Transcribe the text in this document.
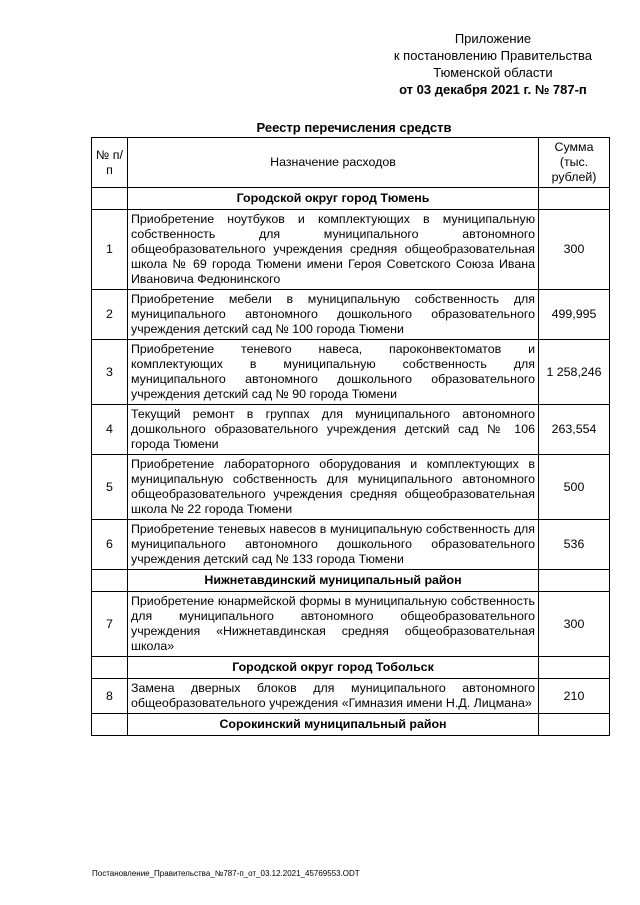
Приложение
к постановлению Правительства
Тюменской области
от 03 декабря 2021 г. № 787-п
Реестр перечисления средств
№ п/п	Назначение расходов	Сумма (тыс. рублей)
	Городской округ город Тюмень	
1	Приобретение ноутбуков и комплектующих в муниципальную собственность для муниципального автономного общеобразовательного учреждения средняя общеобразовательная школа № 69 города Тюмени имени Героя Советского Союза Ивана Ивановича Федюнинского	300
2	Приобретение мебели в муниципальную собственность для муниципального автономного дошкольного образовательного учреждения детский сад № 100 города Тюмени	499,995
3	Приобретение теневого навеса, пароконвектоматов и комплектующих в муниципальную собственность для муниципального автономного дошкольного образовательного учреждения детский сад № 90 города Тюмени	1 258,246
4	Текущий ремонт в группах для муниципального автономного дошкольного образовательного учреждения детский сад № 106 города Тюмени	263,554
5	Приобретение лабораторного оборудования и комплектующих в муниципальную собственность для муниципального автономного общеобразовательного учреждения средняя общеобразовательная школа № 22 города Тюмени	500
6	Приобретение теневых навесов в муниципальную собственность для муниципального автономного дошкольного образовательного учреждения детский сад № 133 города Тюмени	536
	Нижнетавдинский муниципальный район	
7	Приобретение юнармейской формы в муниципальную собственность для муниципального автономного общеобразовательного учреждения «Нижнетавдинская средняя общеобразовательная школа»	300
	Городской округ город Тобольск	
8	Замена дверных блоков для муниципального автономного общеобразовательного учреждения «Гимназия имени Н.Д. Лицмана»	210
	Сорокинский муниципальный район	
Постановление_Правительства_№787-п_от_03.12.2021_45769553.ODT
